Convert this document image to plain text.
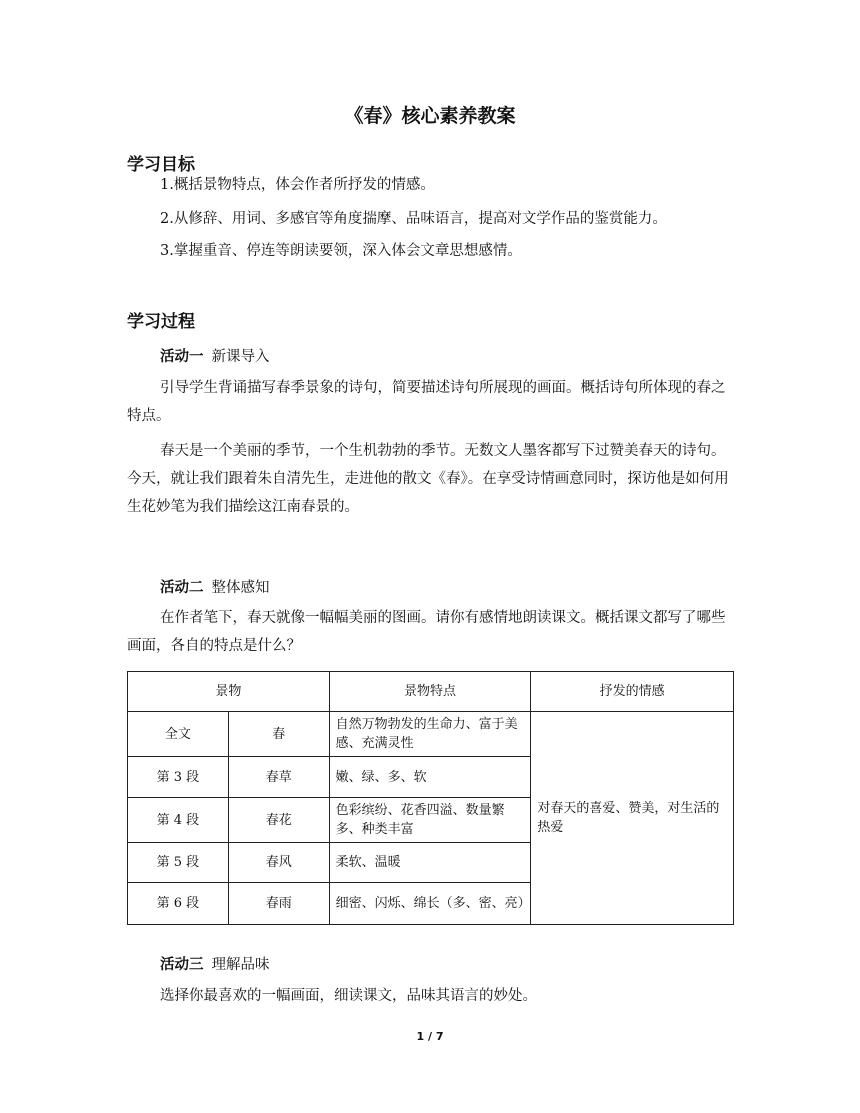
《春》核心素养教案
学习目标
1.概括景物特点，体会作者所抒发的情感。
2.从修辞、用词、多感官等角度揣摩、品味语言，提高对文学作品的鉴赏能力。
3.掌握重音、停连等朗读要领，深入体会文章思想感情。
学习过程
活动一 新课导入
引导学生背诵描写春季景象的诗句，简要描述诗句所展现的画面。概括诗句所体现的春之特点。
春天是一个美丽的季节，一个生机勃勃的季节。无数文人墨客都写下过赞美春天的诗句。今天，就让我们跟着朱自清先生，走进他的散文《春》。在享受诗情画意同时，探访他是如何用生花妙笔为我们描绘这江南春景的。
活动二 整体感知
在作者笔下，春天就像一幅幅美丽的图画。请你有感情地朗读课文。概括课文都写了哪些画面，各自的特点是什么？
景物		景物特点	抒发的情感
全文	春	自然万物勃发的生命力、富于美感、充满灵性	对春天的喜爱、赞美，对生活的热爱
第 3 段	春草	嫩、绿、多、软	
第 4 段	春花	色彩缤纷、花香四溢、数量繁多、种类丰富	
第 5 段	春风	柔软、温暖	
第 6 段	春雨	细密、闪烁、绵长（多、密、亮）	
活动三 理解品味
选择你最喜欢的一幅画面，细读课文，品味其语言的妙处。
1 / 7
